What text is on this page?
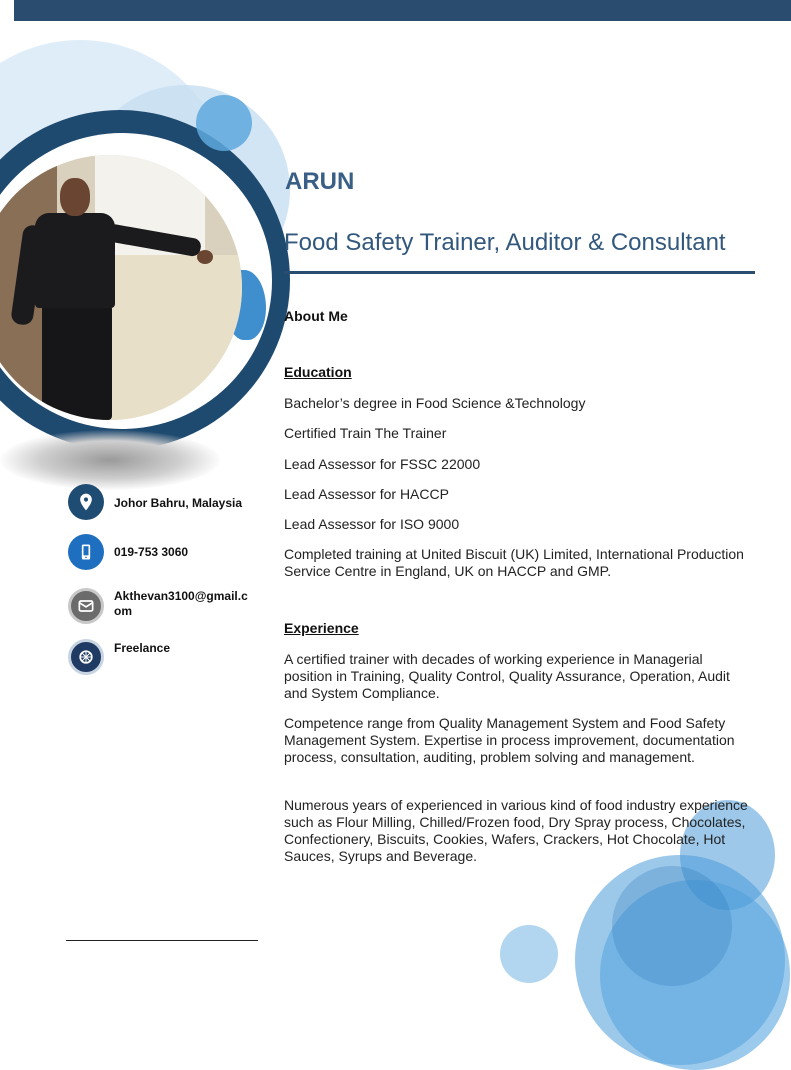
Johor Bahru, Malaysia
019-753 3060
Akthevan3100@gmail.com
Freelance
ARUN
Food Safety Trainer, Auditor & Consultant
About Me
Education

Bachelor’s degree in Food Science &Technology

Certified Train The Trainer

Lead Assessor for FSSC 22000

Lead Assessor for HACCP

Lead Assessor for ISO 9000

Completed training at United Biscuit (UK) Limited, International Production Service Centre in England, UK on HACCP and GMP.

Experience

A certified trainer with decades of working experience in Managerial position in Training, Quality Control, Quality Assurance, Operation, Audit and System Compliance.

Competence range from Quality Management System and Food Safety Management System. Expertise in process improvement, documentation process, consultation, auditing, problem solving and management.

Numerous years of experienced in various kind of food industry experience such as Flour Milling, Chilled/Frozen food, Dry Spray process, Chocolates, Confectionery, Biscuits, Cookies, Wafers, Crackers, Hot Chocolate, Hot Sauces, Syrups and Beverage.
